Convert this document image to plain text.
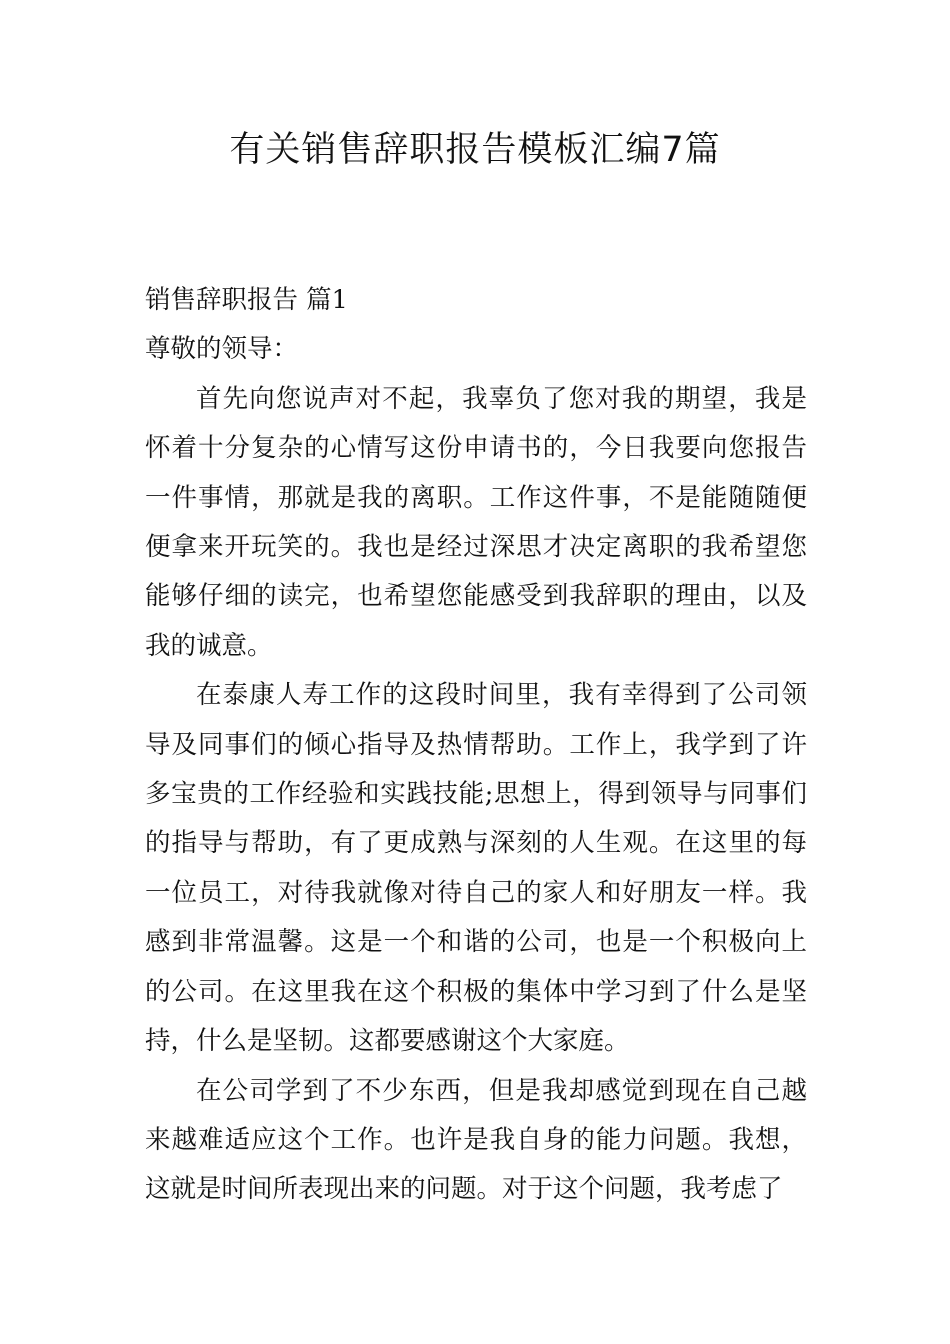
有关销售辞职报告模板汇编7篇

销售辞职报告 篇1

尊敬的领导：

首先向您说声对不起，我辜负了您对我的期望，我是怀着十分复杂的心情写这份申请书的，今日我要向您报告一件事情，那就是我的离职。工作这件事，不是能随随便便拿来开玩笑的。我也是经过深思才决定离职的我希望您能够仔细的读完，也希望您能感受到我辞职的理由，以及我的诚意。

在泰康人寿工作的这段时间里，我有幸得到了公司领导及同事们的倾心指导及热情帮助。工作上，我学到了许多宝贵的工作经验和实践技能;思想上，得到领导与同事们的指导与帮助，有了更成熟与深刻的人生观。在这里的每一位员工，对待我就像对待自己的家人和好朋友一样。我感到非常温馨。这是一个和谐的公司，也是一个积极向上的公司。在这里我在这个积极的集体中学习到了什么是坚持，什么是坚韧。这都要感谢这个大家庭。

在公司学到了不少东西，但是我却感觉到现在自己越来越难适应这个工作。也许是我自身的能力问题。我想，这就是时间所表现出来的问题。对于这个问题，我考虑了
